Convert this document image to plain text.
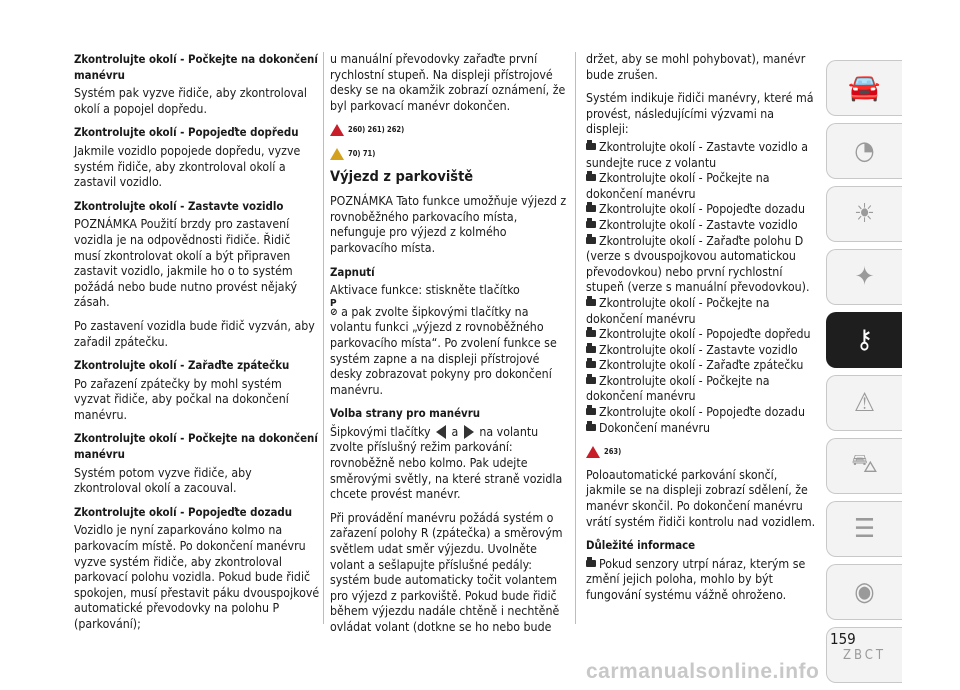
Zkontrolujte okolí - Počkejte na dokončení manévru
Systém pak vyzve řidiče, aby zkontroloval okolí a popojel dopředu.
Zkontrolujte okolí - Popojeďte dopředu
Jakmile vozidlo popojede dopředu, vyzve systém řidiče, aby zkontroloval okolí a zastavil vozidlo.
Zkontrolujte okolí - Zastavte vozidlo
POZNÁMKA Použití brzdy pro zastavení vozidla je na odpovědnosti řidiče. Řidič musí zkontrolovat okolí a být připraven zastavit vozidlo, jakmile ho o to systém požádá nebo bude nutno provést nějaký zásah.
Po zastavení vozidla bude řidič vyzván, aby zařadil zpátečku.
Zkontrolujte okolí - Zařaďte zpátečku
Po zařazení zpátečky by mohl systém vyzvat řidiče, aby počkal na dokončení manévru.
Zkontrolujte okolí - Počkejte na dokončení manévru
Systém potom vyzve řidiče, aby zkontroloval okolí a zacouval.
Zkontrolujte okolí - Popojeďte dozadu
Vozidlo je nyní zaparkováno kolmo na parkovacím místě. Po dokončení manévru vyzve systém řidiče, aby zkontroloval parkovací polohu vozidla. Pokud bude řidič spokojen, musí přestavit páku dvouspojkové automatické převodovky na polohu P (parkování);
u manuální převodovky zařaďte první rychlostní stupeň. Na displeji přístrojové desky se na okamžik zobrazí oznámení, že byl parkovací manévr dokončen.
260) 261) 262)
70) 71)
Výjezd z parkoviště
POZNÁMKA Tato funkce umožňuje výjezd z rovnoběžného parkovacího místa, nefunguje pro výjezd z kolmého parkovacího místa.
Zapnutí
Aktivace funkce: stiskněte tlačítko
P
⊘ a pak zvolte šipkovými tlačítky na volantu funkci „výjezd z rovnoběžného parkovacího místa“. Po zvolení funkce se systém zapne a na displeji přístrojové desky zobrazovat pokyny pro dokončení manévru.
Volba strany pro manévru
Šipkovými tlačítky a na volantu zvolte příslušný režim parkování: rovnoběžně nebo kolmo. Pak udejte směrovými světly, na které straně vozidla chcete provést manévr.
Při provádění manévru požádá systém o zařazení polohy R (zpátečka) a směrovým světlem udat směr výjezdu. Uvolněte volant a sešlapujte příslušné pedály: systém bude automaticky točit volantem pro výjezd z parkoviště. Pokud bude řidič během výjezdu nadále chtěně i nechtěně ovládat volant (dotkne se ho nebo bude
držet, aby se mohl pohybovat), manévr bude zrušen.
Systém indikuje řidiči manévry, které má provést, následujícími výzvami na displeji:
Zkontrolujte okolí - Zastavte vozidlo a sundejte ruce z volantu
Zkontrolujte okolí - Počkejte na dokončení manévru
Zkontrolujte okolí - Popojeďte dozadu
Zkontrolujte okolí - Zastavte vozidlo
Zkontrolujte okolí - Zařaďte polohu D (verze s dvouspojkovou automatickou převodovkou) nebo první rychlostní stupeň (verze s manuální převodovkou).
Zkontrolujte okolí - Počkejte na dokončení manévru
Zkontrolujte okolí - Popojeďte dopředu
Zkontrolujte okolí - Zastavte vozidlo
Zkontrolujte okolí - Zařaďte zpátečku
Zkontrolujte okolí - Počkejte na dokončení manévru
Zkontrolujte okolí - Popojeďte dozadu
Dokončení manévru
263)
Poloautomatické parkování skončí, jakmile se na displeji zobrazí sdělení, že manévr skončil. Po dokončení manévru vrátí systém řidiči kontrolu nad vozidlem.
Důležité informace
Pokud senzory utrpí náraz, kterým se změní jejich poloha, mohlo by být fungování systému vážně ohroženo.
🚘
◔
☀
✦
⚷
⚠
⛍
☰
◉
ZBCT
159
carmanualsonline.info
